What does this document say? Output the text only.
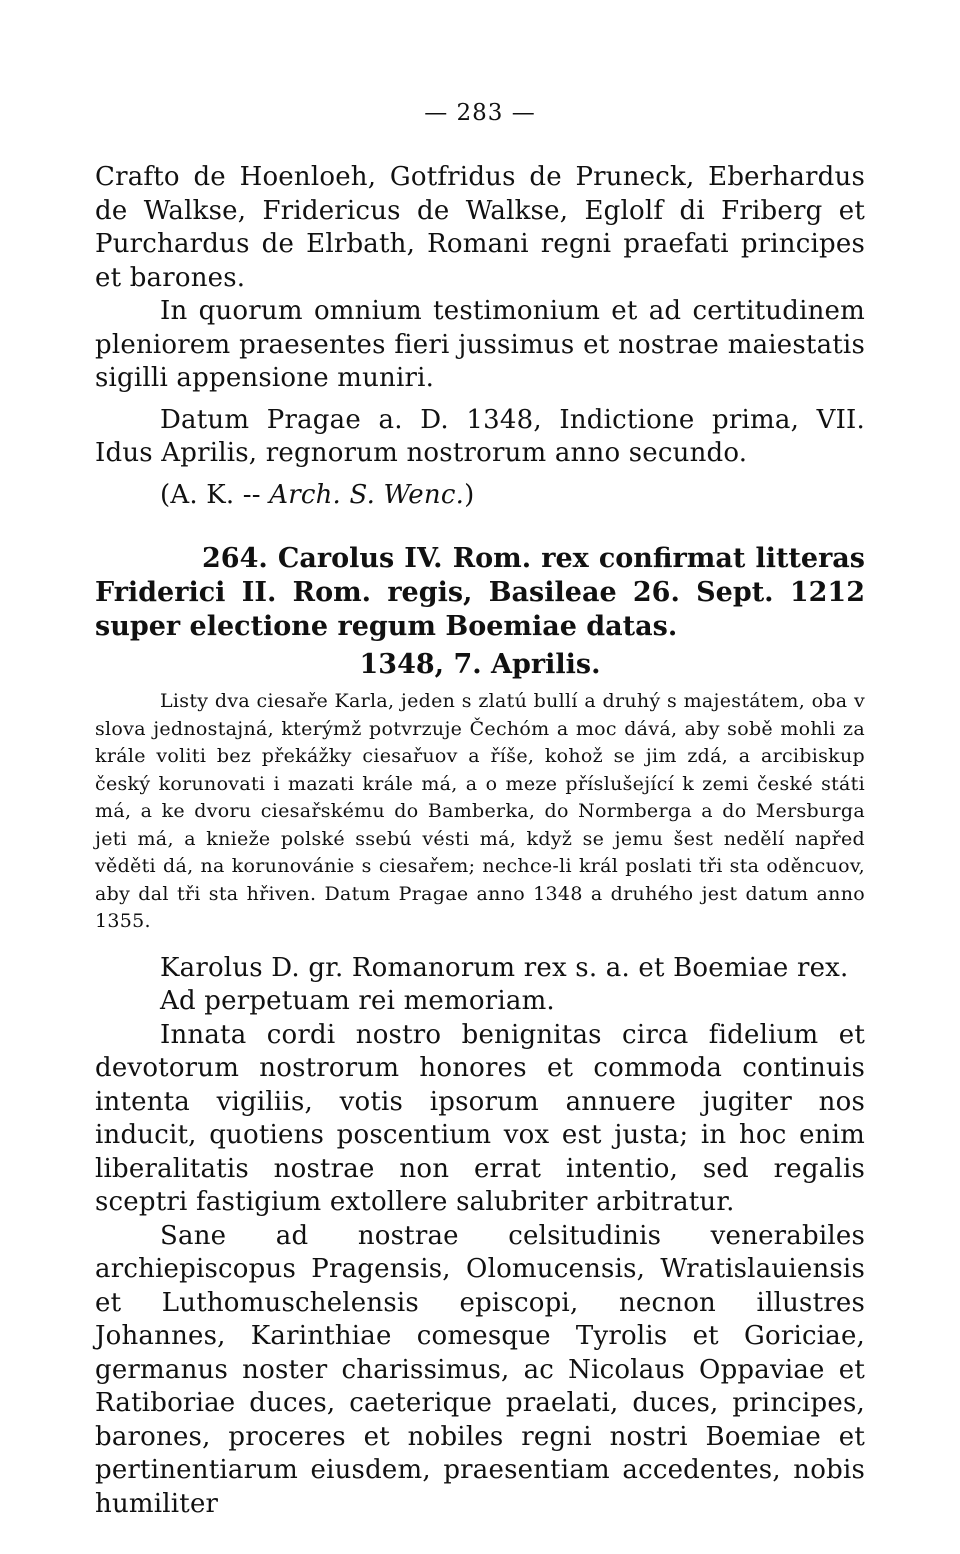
— 283 —

Crafto de Hoenloeh, Gotfridus de Pruneck, Eberhardus de Walkse, Fridericus de Walkse, Eglolf di Friberg et Purchardus de Elrbath, Romani regni praefati principes et barones.

In quorum omnium testimonium et ad certitudinem pleniorem praesentes fieri jussimus et nostrae maiestatis sigilli appensione muniri.

Datum Pragae a. D. 1348, Indictione prima, VII. Idus Aprilis, regnorum nostrorum anno secundo.

(A. K. -- Arch. S. Wenc.)

264. Carolus IV. Rom. rex confirmat litteras Friderici II. Rom. regis, Basileae 26. Sept. 1212 super electione regum Boemiae datas.

1348, 7. Aprilis.

Listy dva ciesaře Karla, jeden s zlatú bullí a druhý s majestátem, oba v slova jednostajná, kterýmž potvrzuje Čechóm a moc dává, aby sobě mohli za krále voliti bez překážky ciesařuov a říše, kohož se jim zdá, a arcibiskup český korunovati i mazati krále má, a o meze příslušející k zemi české státi má, a ke dvoru ciesařskému do Bamberka, do Normberga a do Mersburga jeti má, a knieže polské ssebú vésti má, když se jemu šest nedělí napřed věděti dá, na korunovánie s ciesařem; nechce-li král poslati tři sta oděncuov, aby dal tři sta hřiven. Datum Pragae anno 1348 a druhého jest datum anno 1355.

Karolus D. gr. Romanorum rex s. a. et Boemiae rex.

Ad perpetuam rei memoriam.

Innata cordi nostro benignitas circa fidelium et devotorum nostrorum honores et commoda continuis intenta vigiliis, votis ipsorum annuere jugiter nos inducit, quotiens poscentium vox est justa; in hoc enim liberalitatis nostrae non errat intentio, sed regalis sceptri fastigium extollere salubriter arbitratur.

Sane ad nostrae celsitudinis venerabiles archiepiscopus Pragensis, Olomucensis, Wratislauiensis et Luthomuschelensis episcopi, necnon illustres Johannes, Karinthiae comesque Tyrolis et Goriciae, germanus noster charissimus, ac Nicolaus Oppaviae et Ratiboriae duces, caeterique praelati, duces, principes, barones, proceres et nobiles regni nostri Boemiae et pertinentiarum eiusdem, praesentiam accedentes, nobis humiliter
